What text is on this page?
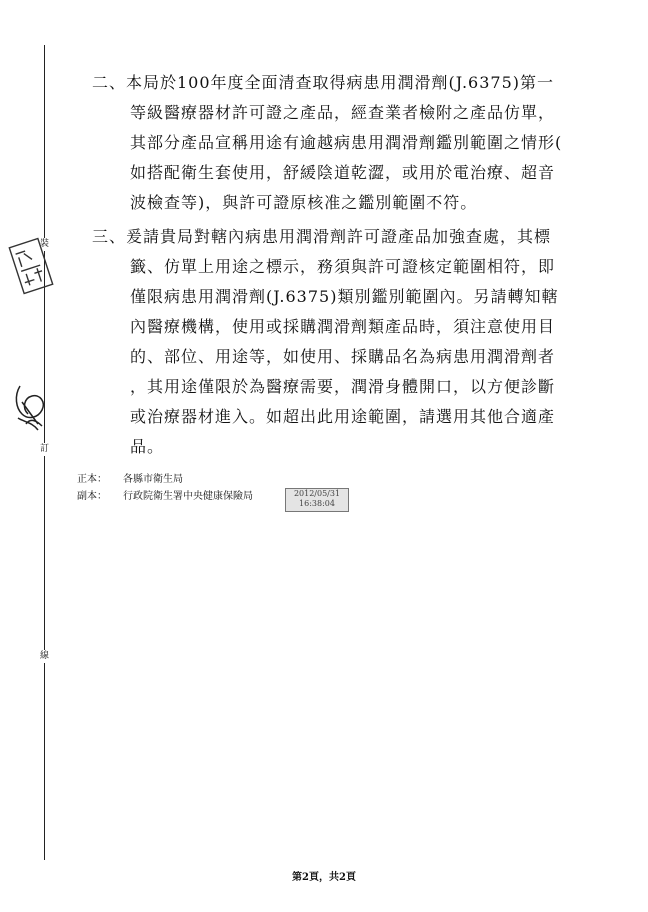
裝
訂
線
二、本局於100年度全面清查取得病患用潤滑劑(J.6375)第一
等級醫療器材許可證之產品，經查業者檢附之產品仿單，
其部分產品宣稱用途有逾越病患用潤滑劑鑑別範圍之情形(
如搭配衛生套使用，舒緩陰道乾澀，或用於電治療、超音
波檢查等)，與許可證原核准之鑑別範圍不符。
三、爰請貴局對轄內病患用潤滑劑許可證產品加強查處，其標
籤、仿單上用途之標示，務須與許可證核定範圍相符，即
僅限病患用潤滑劑(J.6375)類別鑑別範圍內。另請轉知轄
內醫療機構，使用或採購潤滑劑類產品時，須注意使用目
的、部位、用途等，如使用、採購品名為病患用潤滑劑者
，其用途僅限於為醫療需要，潤滑身體開口，以方便診斷
或治療器材進入。如超出此用途範圍，請選用其他合適產
品。
正本： 各縣市衛生局
副本： 行政院衛生署中央健康保險局	2012/05/31
16:38:04
第2頁，共2頁
